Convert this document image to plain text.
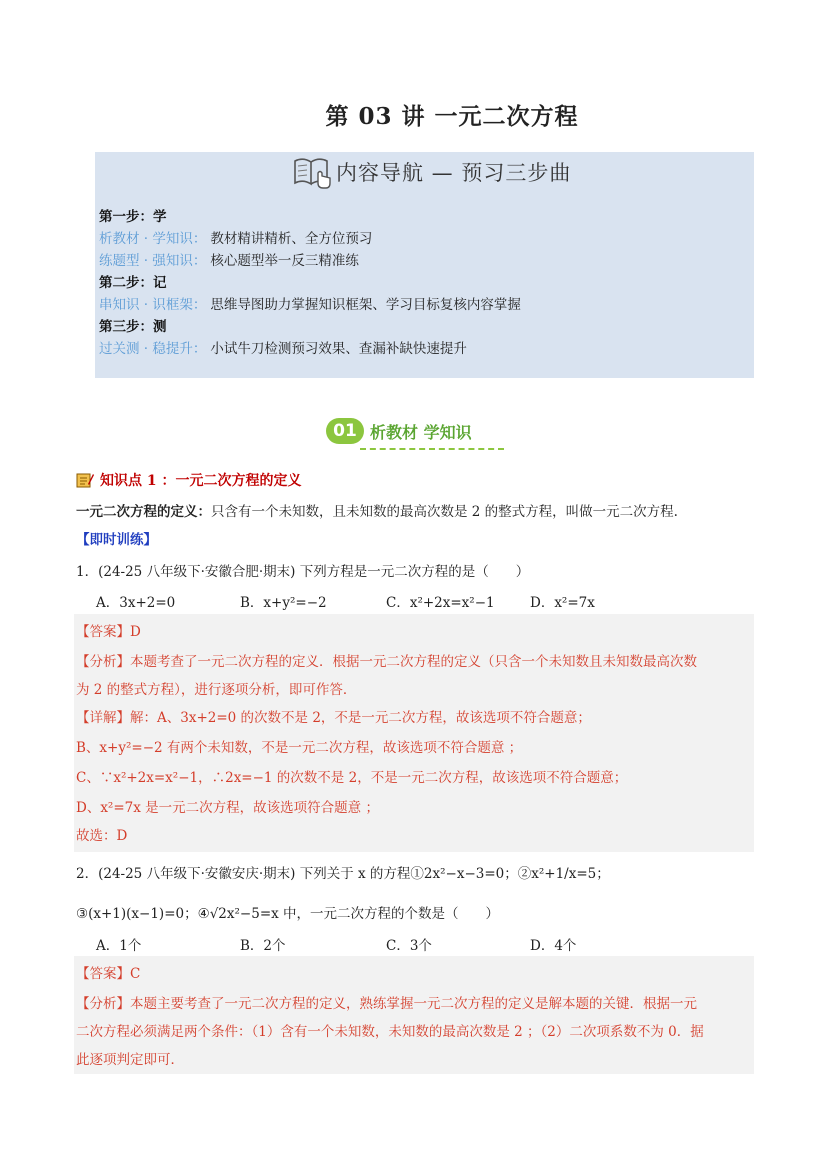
第 03 讲 一元二次方程
内容导航 — 预习三步曲
第一步：学
析教材 · 学知识： 教材精讲精析、全方位预习
练题型 · 强知识： 核心题型举一反三精准练
第二步：记
串知识 · 识框架： 思维导图助力掌握知识框架、学习目标复核内容掌握
第三步：测
过关测 · 稳提升： 小试牛刀检测预习效果、查漏补缺快速提升
01 析教材 学知识
知识点 1 ：一元二次方程的定义
一元二次方程的定义：只含有一个未知数，且未知数的最高次数是 2 的整式方程，叫做一元二次方程.
【即时训练】
1．(24-25 八年级下·安徽合肥·期末) 下列方程是一元二次方程的是（　　）
A．3x+2=0	B．x+y²=−2	C．x²+2x=x²−1	D．x²=7x
【答案】D
【分析】本题考查了一元二次方程的定义．根据一元二次方程的定义（只含一个未知数且未知数最高次数
为 2 的整式方程），进行逐项分析，即可作答．
【详解】解：A、3x+2=0 的次数不是 2，不是一元二次方程，故该选项不符合题意；
B、x+y²=−2 有两个未知数，不是一元二次方程，故该选项不符合题意 ；
C、∵x²+2x=x²−1，∴2x=−1 的次数不是 2，不是一元二次方程，故该选项不符合题意；
D、x²=7x 是一元二次方程，故该选项符合题意 ；
故选：D
2．(24-25 八年级下·安徽安庆·期末) 下列关于 x 的方程①2x²−x−3=0；②x²+1/x=5；
③(x+1)(x−1)=0；④√2x²−5=x 中，一元二次方程的个数是（　　）
A．1个	B．2个	C．3个	D．4个
【答案】C
【分析】本题主要考查了一元二次方程的定义，熟练掌握一元二次方程的定义是解本题的关键．根据一元
二次方程必须满足两个条件：（1）含有一个未知数，未知数的最高次数是 2 ；（2）二次项系数不为 0．据
此逐项判定即可．
